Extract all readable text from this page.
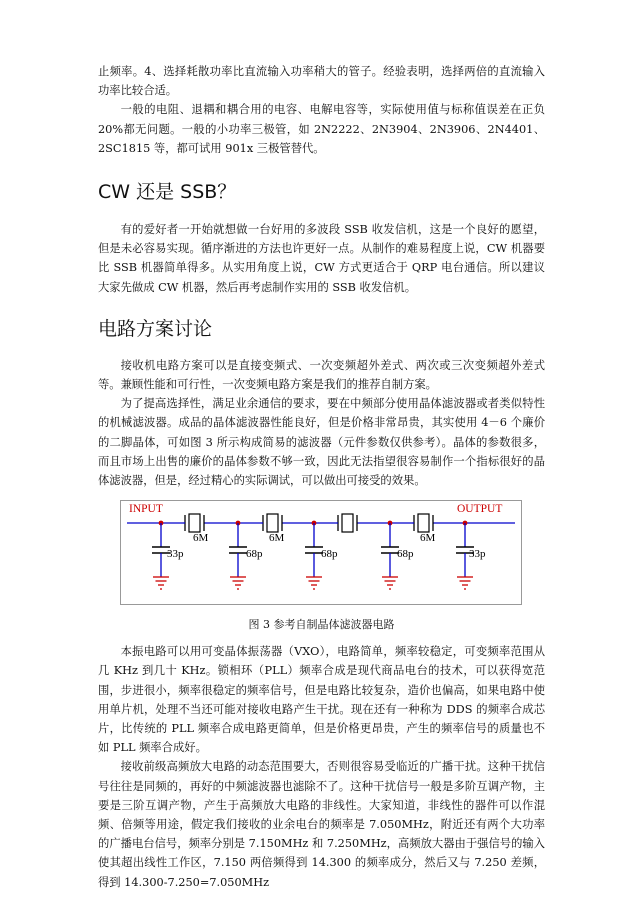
止频率。4、选择耗散功率比直流输入功率稍大的管子。经验表明，选择两倍的直流输入功率比较合适。

一般的电阻、退耦和耦合用的电容、电解电容等，实际使用值与标称值误差在正负 20%都无问题。一般的小功率三极管，如 2N2222、2N3904、2N3906、2N4401、2SC1815 等，都可试用 901x 三极管替代。

CW 还是 SSB？

有的爱好者一开始就想做一台好用的多波段 SSB 收发信机，这是一个良好的愿望，但是未必容易实现。循序渐进的方法也许更好一点。从制作的难易程度上说，CW 机器要比 SSB 机器简单得多。从实用角度上说，CW 方式更适合于 QRP 电台通信。所以建议大家先做成 CW 机器，然后再考虑制作实用的 SSB 收发信机。

电路方案讨论

接收机电路方案可以是直接变频式、一次变频超外差式、两次或三次变频超外差式等。兼顾性能和可行性，一次变频电路方案是我们的推荐自制方案。

为了提高选择性，满足业余通信的要求，要在中频部分使用晶体滤波器或者类似特性的机械滤波器。成品的晶体滤波器性能良好，但是价格非常昂贵，其实使用 4－6 个廉价的二脚晶体，可如图 3 所示构成简易的滤波器（元件参数仅供参考）。晶体的参数很多，而且市场上出售的廉价的晶体参数不够一致，因此无法指望很容易制作一个指标很好的晶体滤波器，但是，经过精心的实际调试，可以做出可接受的效果。

INPUT	OUTPUT
6M	6M	6M
33p	68p	68p	68p	33p
图 3 参考自制晶体滤波器电路

本振电路可以用可变晶体振荡器（VXO），电路简单，频率较稳定，可变频率范围从几 KHz 到几十 KHz。锁相环（PLL）频率合成是现代商品电台的技术，可以获得宽范围，步进很小，频率很稳定的频率信号，但是电路比较复杂，造价也偏高，如果电路中使用单片机，处理不当还可能对接收电路产生干扰。现在还有一种称为 DDS 的频率合成芯片，比传统的 PLL 频率合成电路更简单，但是价格更昂贵，产生的频率信号的质量也不如 PLL 频率合成好。

接收前级高频放大电路的动态范围要大，否则很容易受临近的广播干扰。这种干扰信号往往是同频的，再好的中频滤波器也滤除不了。这种干扰信号一般是多阶互调产物，主要是三阶互调产物，产生于高频放大电路的非线性。大家知道，非线性的器件可以作混频、倍频等用途，假定我们接收的业余电台的频率是 7.050MHz，附近还有两个大功率的广播电台信号，频率分别是 7.150MHz 和 7.250MHz，高频放大器由于强信号的输入使其超出线性工作区，7.150 两倍频得到 14.300 的频率成分，然后又与 7.250 差频，得到 14.300-7.250=7.050MHz
